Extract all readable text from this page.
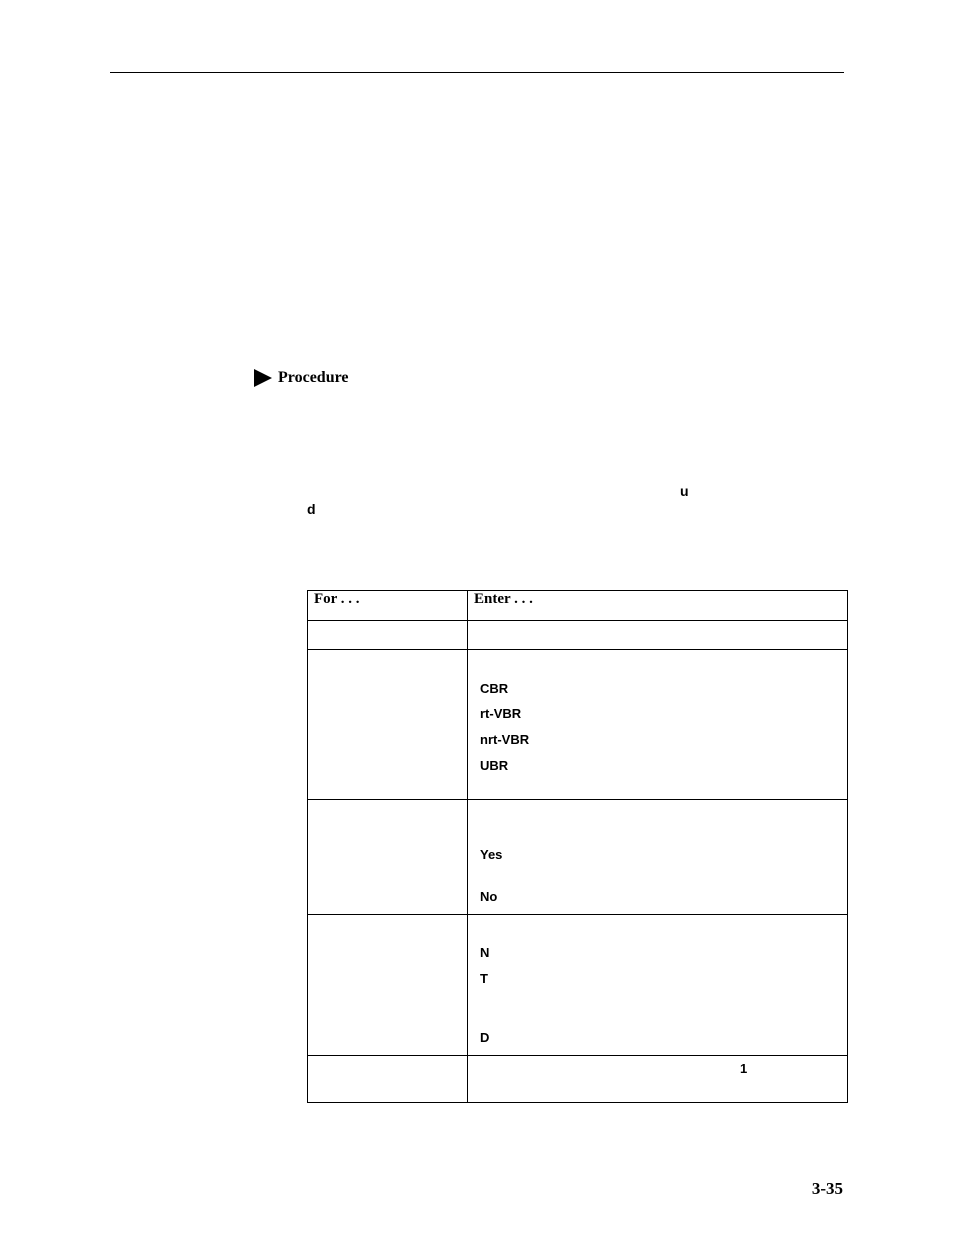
Procedure
u
d
For . . .	Enter . . .

	CBR
rt-VBR
nrt-VBR
UBR

	Yes
No

	N
T
D

	1
3-35
